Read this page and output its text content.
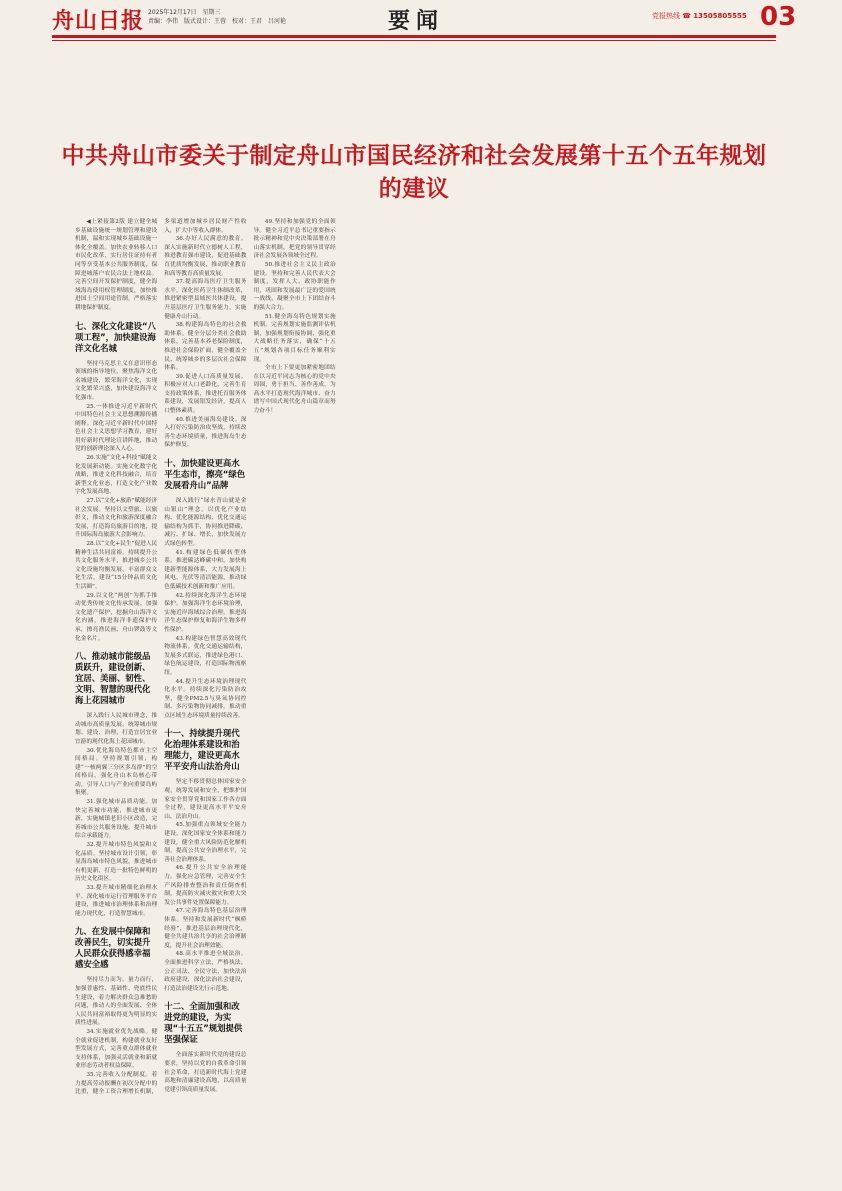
舟山日报 2025年12月17日 星期三
责编：李伟 版式设计：王蓉 校对：王君 吕河艳	要闻	党报热线 ☎ 13505805555 03
中共舟山市委关于制定舟山市国民经济和社会发展第十五个五年规划的建议

◀上紧接第2版 建立健全城乡基础设施统一规划管理和建设机制，温和实现城乡基础设施一体化全覆盖。加快农业转移人口市民化改革，实行居住证持有者同等享受基本公共服务制度，保障进城落户农民合法土地权益。完善空间开发保护制度，健全海域海岛使用权管理制度，加快推进国土空间用途管制，严格落实耕地保护制度。

七、深化文化建设“八项工程”，加快建设海洋文化名城

坚持马克思主义在意识形态领域的指导地位，聚焦海洋文化名城建设，繁荣海洋文化，实现文化繁荣兴盛，加快建设海洋文化强市。

25.一体推进习近平新时代中国特色社会主义思想溯源传播阐释。深化习近平新时代中国特色社会主义思想学习教育，建好用好新时代理论宣讲阵地，推动党的创新理论深入人心。

26.实施“文化+科技”赋能文化发展新动能。实施文化数字化战略，推进文化科技融合，培育新型文化业态，打造文化产业数字化发展高地。

27.以“文化+旅游”赋能经济社会发展。坚持以文塑旅、以旅彰文，推动文化和旅游深度融合发展，打造海岛旅游目的地，提升国际海岛旅游大会影响力。

28.以“文化+民生”促进人民精神生活共同富裕。持续提升公共文化服务水平，推进城乡公共文化设施均衡发展，丰富群众文化生活，建设“15分钟品质文化生活圈”。

29.以文化“两创”为抓手推动优秀传统文化传承发展。加强文化遗产保护，挖掘舟山海洋文化内涵，推进海洋非遗保护传承，擦亮渔民画、舟山锣鼓等文化金名片。

八、推动城市能级品质跃升，建设创新、宜居、美丽、韧性、文明、智慧的现代化海上花园城市

深入践行人民城市理念，推动城市高质量发展，统筹城市规划、建设、治理，打造宜居宜业宜游的现代化海上花园城市。

30.优化海岛特色都市主空间格局。坚持规划引领，构建“一核两翼三分区多岛群”的空间格局，强化舟山本岛核心带动，引导人口与产业向重要岛屿集聚。

31.强化城市品质功能。加快完善城市功能，推进城市更新，实施城镇老旧小区改造，完善城市公共服务设施，提升城市综合承载能力。

32.提升城市特色风貌和文化品质。坚持城市设计引领，彰显海岛城市特色风貌，推进城市有机更新，打造一批特色鲜明的历史文化街区。

33.提升城市精细化治理水平。深化城市运行管理服务平台建设，推进城市治理体系和治理能力现代化，打造智慧城市。

九、在发展中保障和改善民生，切实提升人民群众获得感幸福感安全感

坚持尽力而为、量力而行，加强普惠性、基础性、兜底性民生建设，着力解决群众急难愁盼问题，推动人的全面发展、全体人民共同富裕取得更为明显的实质性进展。

34.实施就业优先战略。健全就业促进机制，构建就业友好型发展方式，完善重点群体就业支持体系，加强灵活就业和新就业形态劳动者权益保障。

35.完善收入分配制度。着力提高劳动报酬在初次分配中的比重，健全工资合理增长机制，多渠道增加城乡居民财产性收入，扩大中等收入群体。

36.办好人民满意的教育。深入实施新时代立德树人工程，推进教育强市建设，促进基础教育优质均衡发展，推动职业教育和高等教育高质量发展。

37.提高海岛医疗卫生服务水平。深化医药卫生体制改革，推进紧密型县域医共体建设，提升基层医疗卫生服务能力，实施健康舟山行动。

38.构建海岛特色的社会救助体系。健全分层分类社会救助体系，完善基本养老保险制度，推进社会保险扩面，健全覆盖全民、统筹城乡的多层次社会保障体系。

39.促进人口高质量发展。积极应对人口老龄化，完善生育支持政策体系，推进托育服务体系建设，发展银发经济，提高人口整体素质。

40.推进美丽海岛建设。深入打好污染防治攻坚战，持续改善生态环境质量，推进海岛生态保护修复。

十、加快建设更高水平生态市，擦亮“绿色发展看舟山”品牌

深入践行“绿水青山就是金山银山”理念，以优化产业结构、优化能源结构、优化交通运输结构为抓手，协同推进降碳、减污、扩绿、增长，加快发展方式绿色转型。

41.构建绿色低碳转型体系。推进碳达峰碳中和，加快构建新型能源体系，大力发展海上风电、光伏等清洁能源，推动绿色低碳技术创新和推广应用。

42.持续深化海洋生态环境保护。加强海洋生态环境治理，实施近岸海域综合治理，推进海洋生态保护修复和海洋生物多样性保护。

43.构建绿色智慧高效现代物流体系。优化交通运输结构，发展多式联运，推进绿色港口、绿色航运建设，打造国际物流枢纽。

44.提升生态环境治理现代化水平。持续深化污染防治攻坚，健全PM2.5与臭氧协同控制、多污染物协同减排，推动重点区域生态环境质量持续改善。

十一、持续提升现代化治理体系建设和治理能力，建设更高水平平安舟山法治舟山

坚定不移贯彻总体国家安全观，统筹发展和安全，把维护国家安全贯穿党和国家工作各方面全过程，建设更高水平平安舟山、法治舟山。

45.加强重点领域安全能力建设。深化国家安全体系和能力建设，健全重大风险防范化解机制，提高公共安全治理水平，完善社会治理体系。

46.提升公共安全治理能力。强化应急管理，完善安全生产风险排查整治和责任倒查机制，提高防灾减灾救灾和重大突发公共事件处置保障能力。

47.完善海岛特色基层治理体系。坚持和发展新时代“枫桥经验”，推进基层治理现代化，健全共建共治共享的社会治理制度，提升社会治理效能。

48.高水平推进全域法治。全面推进科学立法、严格执法、公正司法、全民守法，加快法治政府建设，深化法治社会建设，打造法治建设先行示范地。

十二、全面加强和改进党的建设，为实现“十五五”规划提供坚强保证

全面落实新时代党的建设总要求，坚持以党的自我革命引领社会革命，打造新时代海上党建高地和清廉建设高地，以高质量党建引领高质量发展。

49.坚持和加强党的全面领导。健全习近平总书记重要指示批示精神和党中央决策部署在舟山落实机制，把党的领导贯穿经济社会发展各领域全过程。

50.推进社会主义民主政治建设。坚持和完善人民代表大会制度，发挥人大、政协职能作用，巩固和发展最广泛的爱国统一战线，凝聚全市上下团结奋斗的强大合力。

51.健全海岛特色规划实施机制。完善规划实施监测评估机制，加强规划衔接协调，强化重大战略任务落实，确保“十五五”规划各项目标任务顺利实现。

全市上下要更加紧密地团结在以习近平同志为核心的党中央周围，勇于担当、善作善成，为高水平打造现代海洋城市、奋力谱写中国式现代化舟山篇章而努力奋斗！
